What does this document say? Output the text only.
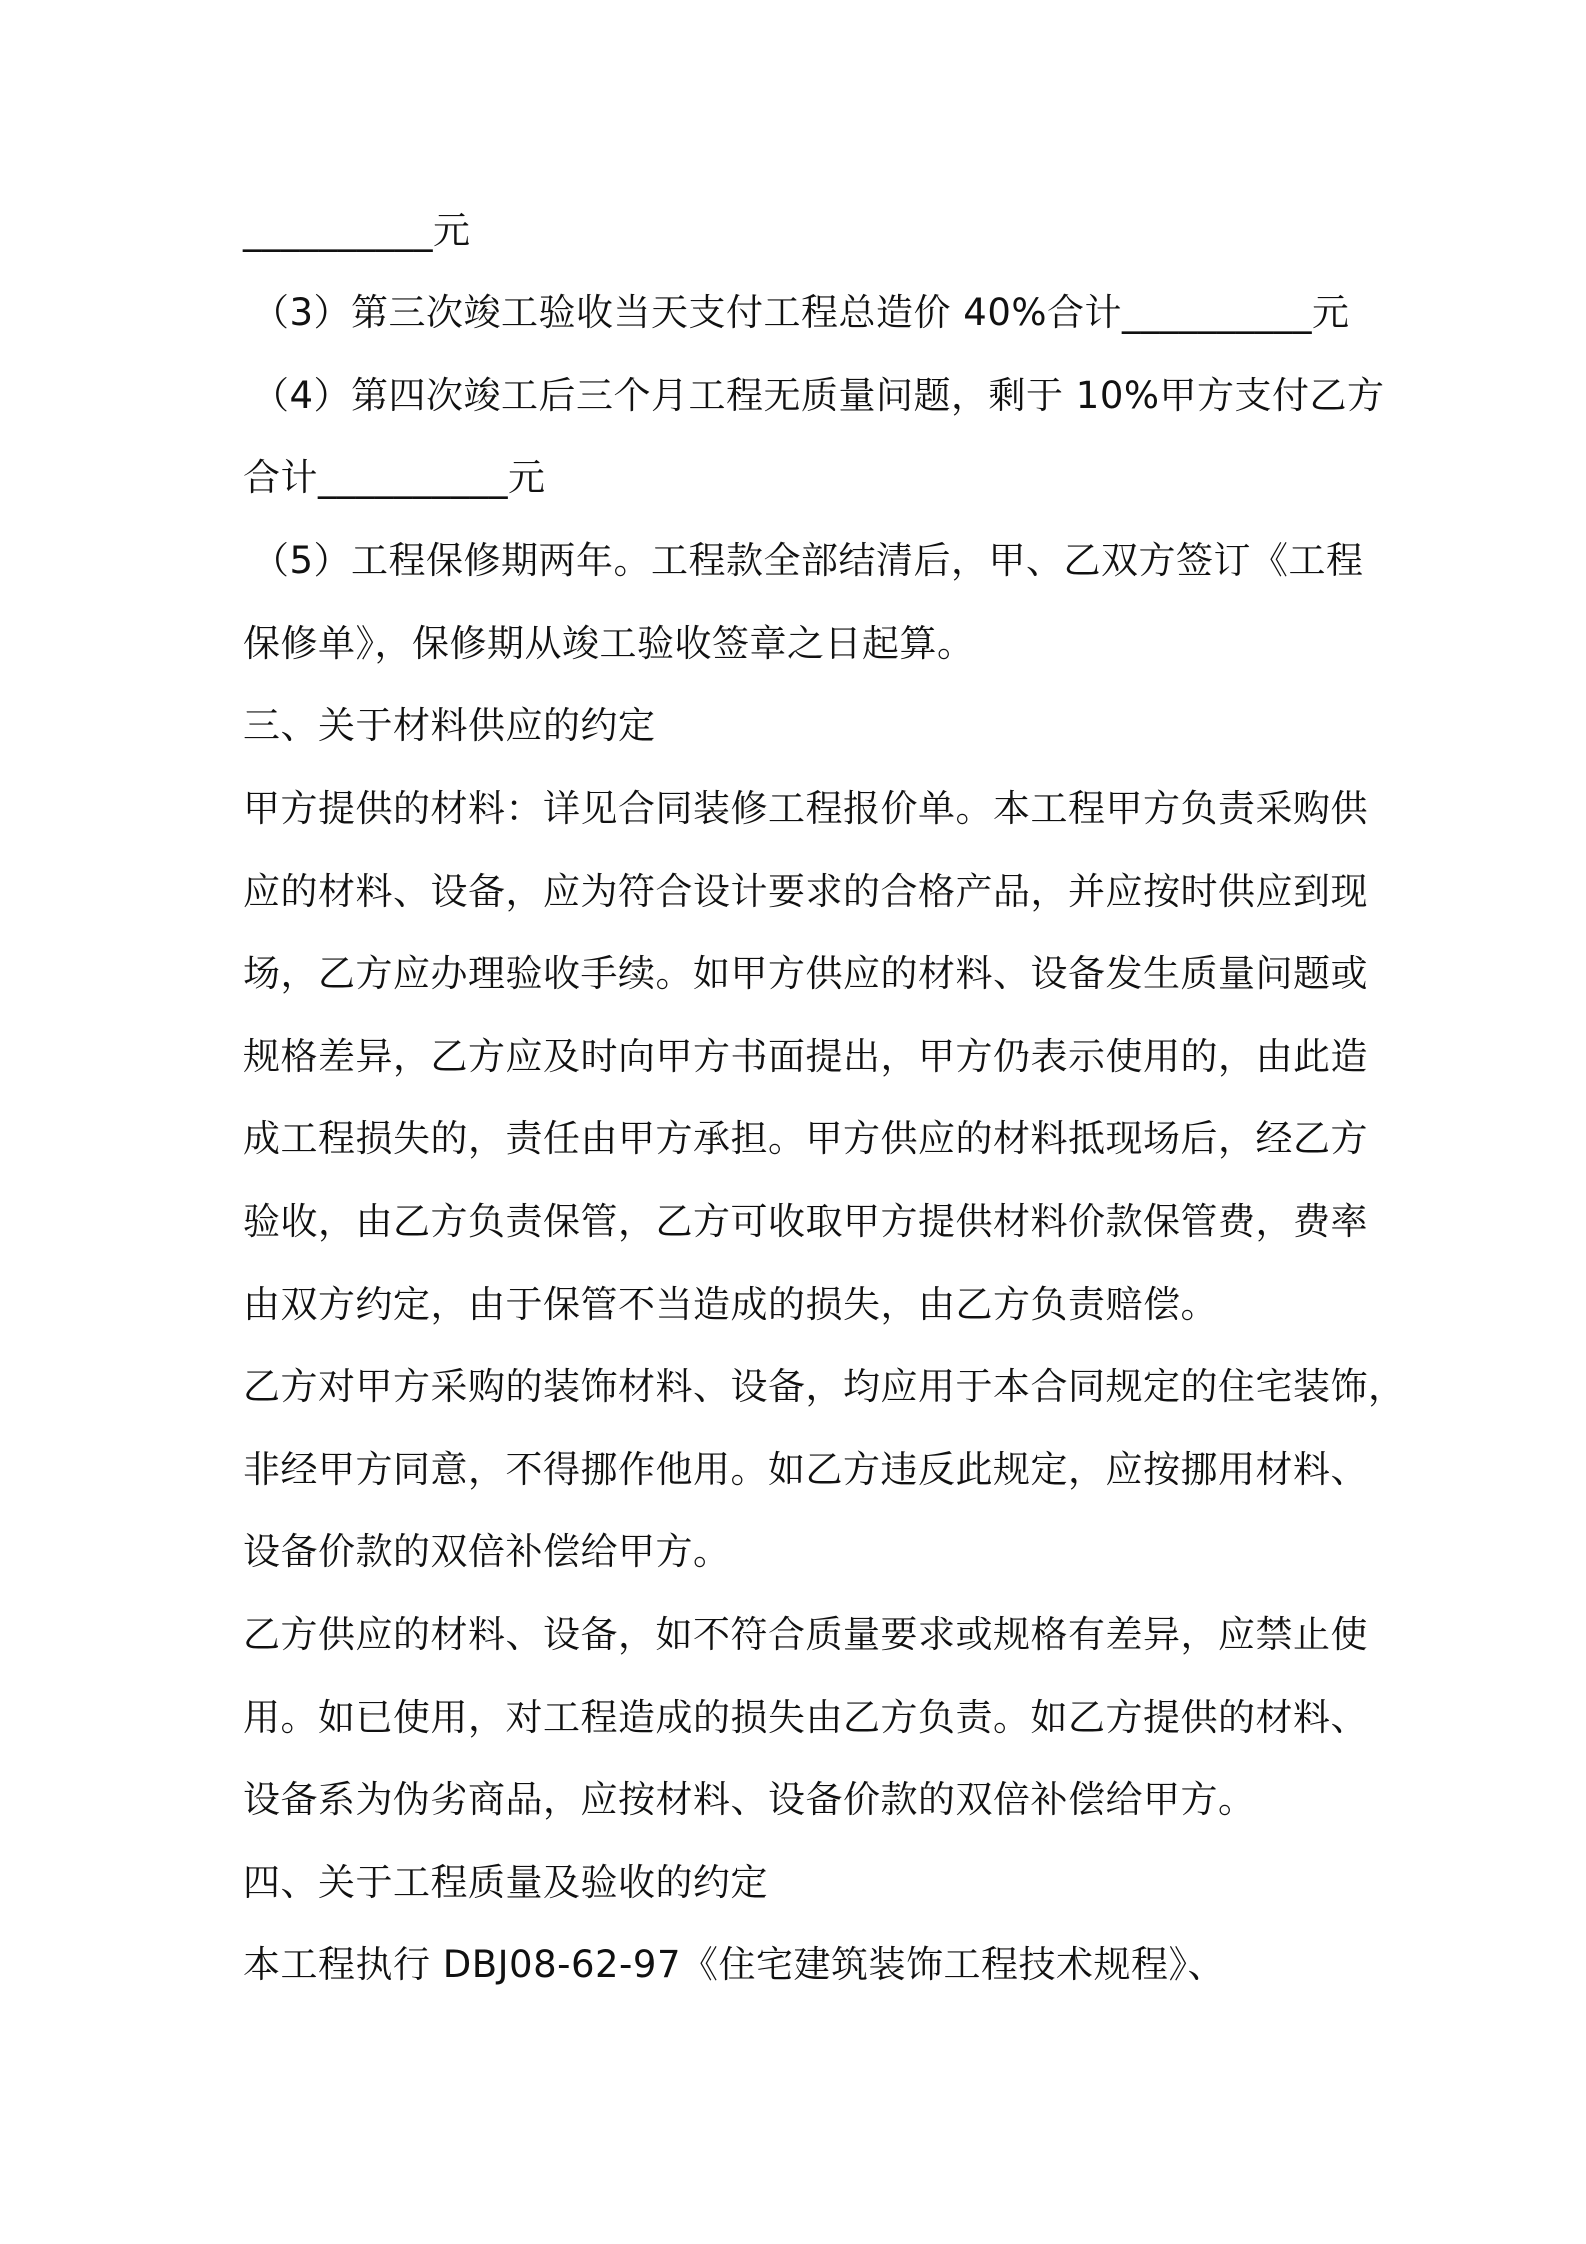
__________元
（3）第三次竣工验收当天支付工程总造价 40%合计__________元
（4）第四次竣工后三个月工程无质量问题，剩于 10%甲方支付乙方
合计__________元
（5）工程保修期两年。工程款全部结清后，甲、乙双方签订《工程
保修单》，保修期从竣工验收签章之日起算。
三、关于材料供应的约定
甲方提供的材料：详见合同装修工程报价单。本工程甲方负责采购供
应的材料、设备，应为符合设计要求的合格产品，并应按时供应到现
场，乙方应办理验收手续。如甲方供应的材料、设备发生质量问题或
规格差异，乙方应及时向甲方书面提出，甲方仍表示使用的，由此造
成工程损失的，责任由甲方承担。甲方供应的材料抵现场后，经乙方
验收，由乙方负责保管，乙方可收取甲方提供材料价款保管费，费率
由双方约定，由于保管不当造成的损失，由乙方负责赔偿。
乙方对甲方采购的装饰材料、设备，均应用于本合同规定的住宅装饰，
非经甲方同意，不得挪作他用。如乙方违反此规定，应按挪用材料、
设备价款的双倍补偿给甲方。
乙方供应的材料、设备，如不符合质量要求或规格有差异，应禁止使
用。如已使用，对工程造成的损失由乙方负责。如乙方提供的材料、
设备系为伪劣商品，应按材料、设备价款的双倍补偿给甲方。
四、关于工程质量及验收的约定
本工程执行 DBJ08-62-97《住宅建筑装饰工程技术规程》、
